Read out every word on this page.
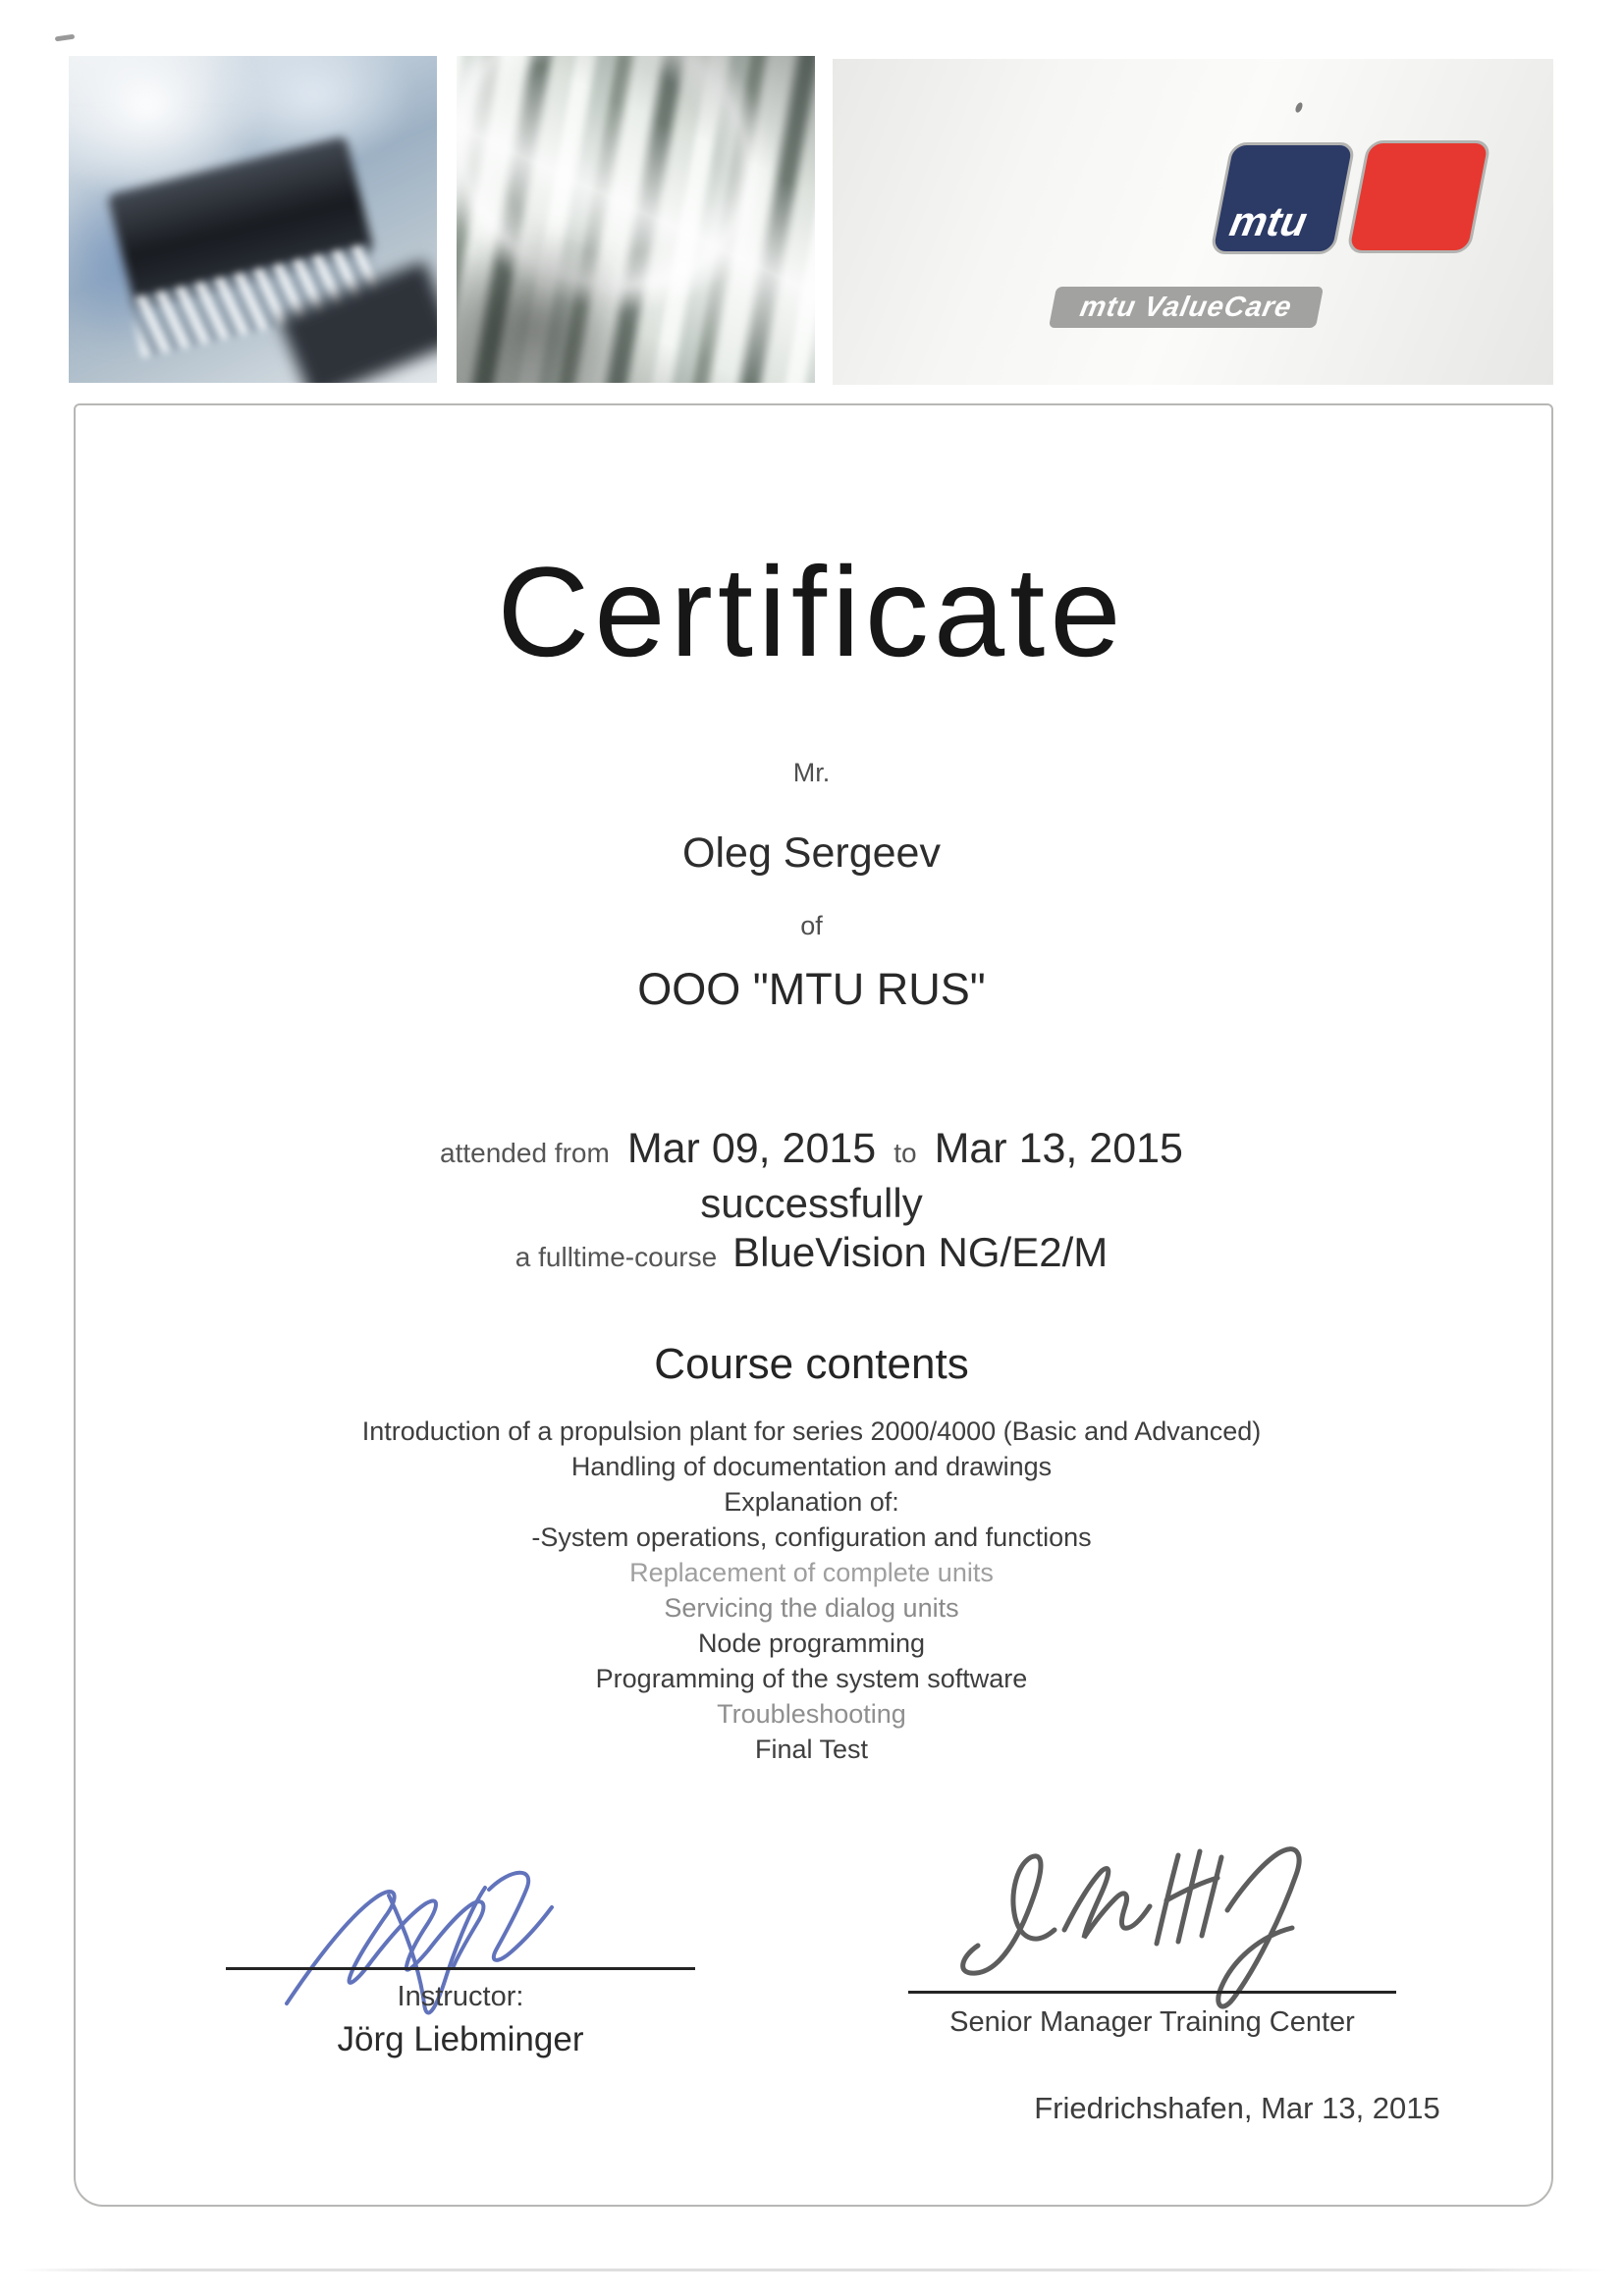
mtu
mtu ValueCare
Certificate
Mr.
Oleg Sergeev
of
OOO "MTU RUS"
attended from Mar 09, 2015 to Mar 13, 2015
successfully
a fulltime-course BlueVision NG/E2/M
Course contents
Introduction of a propulsion plant for series 2000/4000 (Basic and Advanced)
Handling of documentation and drawings
Explanation of:
-System operations, configuration and functions
Replacement of complete units
Servicing the dialog units
Node programming
Programming of the system software
Troubleshooting
Final Test
Instructor:
Jörg Liebminger	Senior Manager Training Center
Friedrichshafen, Mar 13, 2015
